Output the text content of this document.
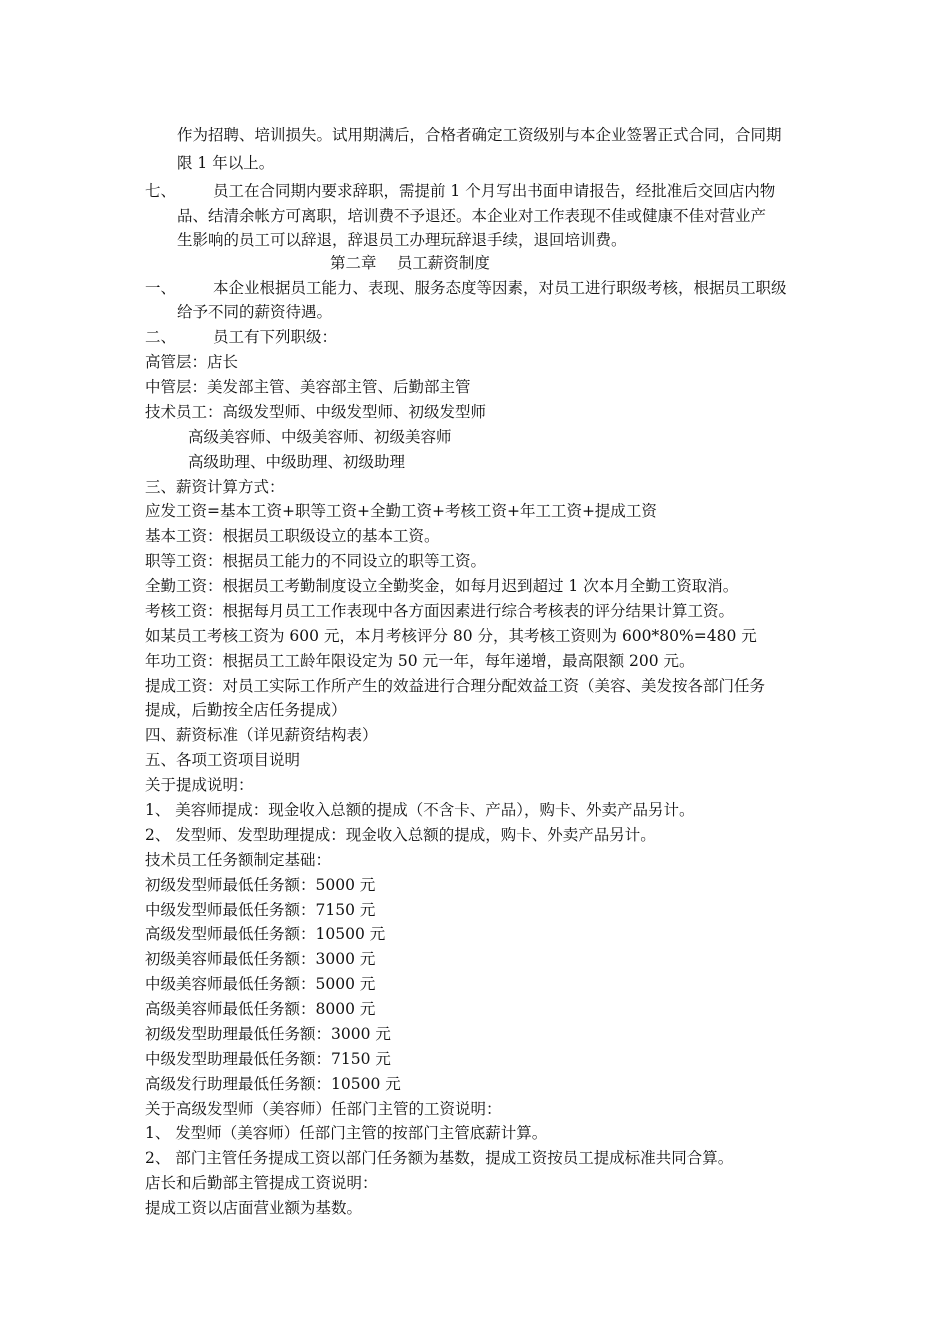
作为招聘、培训损失。试用期满后，合格者确定工资级别与本企业签署正式合同，合同期
限 1 年以上。
七、 员工在合同期内要求辞职，需提前 1 个月写出书面申请报告，经批准后交回店内物
品、结清余帐方可离职，培训费不予退还。本企业对工作表现不佳或健康不佳对营业产
生影响的员工可以辞退，辞退员工办理玩辞退手续，退回培训费。
第二章　 员工薪资制度
一、 本企业根据员工能力、表现、服务态度等因素，对员工进行职级考核，根据员工职级
给予不同的薪资待遇。
二、 员工有下列职级：
高管层：店长
中管层：美发部主管、美容部主管、后勤部主管
技术员工：高级发型师、中级发型师、初级发型师
高级美容师、中级美容师、初级美容师
高级助理、中级助理、初级助理
三、薪资计算方式：
应发工资=基本工资+职等工资+全勤工资+考核工资+年工工资+提成工资
基本工资：根据员工职级设立的基本工资。
职等工资：根据员工能力的不同设立的职等工资。
全勤工资：根据员工考勤制度设立全勤奖金，如每月迟到超过 1 次本月全勤工资取消。
考核工资：根据每月员工工作表现中各方面因素进行综合考核表的评分结果计算工资。
如某员工考核工资为 600 元，本月考核评分 80 分，其考核工资则为 600*80%=480 元
年功工资：根据员工工龄年限设定为 50 元一年，每年递增，最高限额 200 元。
提成工资：对员工实际工作所产生的效益进行合理分配效益工资（美容、美发按各部门任务
提成，后勤按全店任务提成）
四、薪资标准（详见薪资结构表）
五、各项工资项目说明
关于提成说明：
1、 美容师提成：现金收入总额的提成（不含卡、产品），购卡、外卖产品另计。
2、 发型师、发型助理提成：现金收入总额的提成，购卡、外卖产品另计。
技术员工任务额制定基础：
初级发型师最低任务额：5000 元
中级发型师最低任务额：7150 元
高级发型师最低任务额：10500 元
初级美容师最低任务额：3000 元
中级美容师最低任务额：5000 元
高级美容师最低任务额：8000 元
初级发型助理最低任务额：3000 元
中级发型助理最低任务额：7150 元
高级发行助理最低任务额：10500 元
关于高级发型师（美容师）任部门主管的工资说明：
1、 发型师（美容师）任部门主管的按部门主管底薪计算。
2、 部门主管任务提成工资以部门任务额为基数，提成工资按员工提成标准共同合算。
店长和后勤部主管提成工资说明：
提成工资以店面营业额为基数。
